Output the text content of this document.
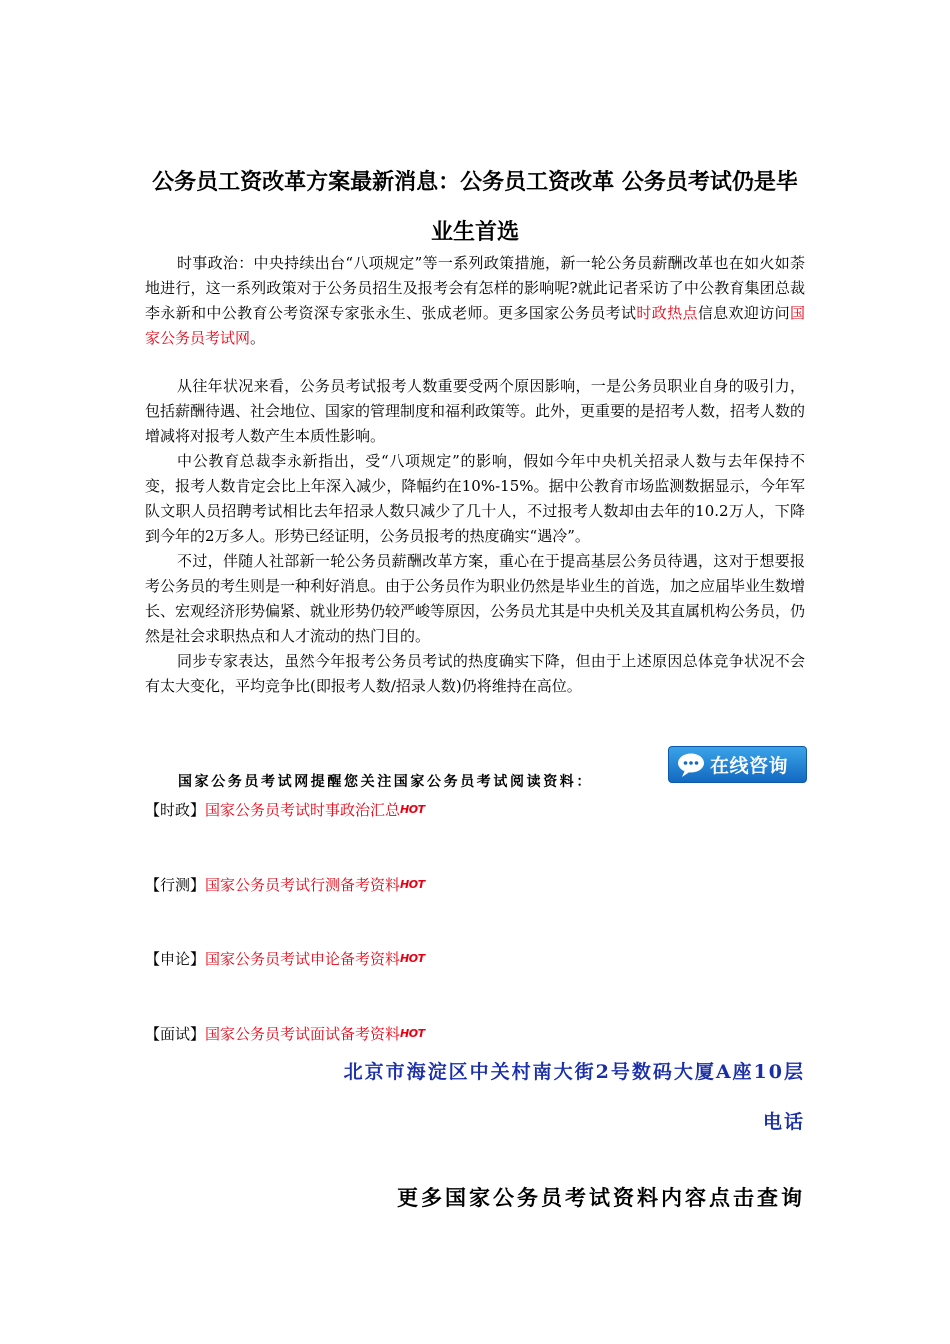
公务员工资改革方案最新消息：公务员工资改革 公务员考试仍是毕业生首选

时事政治：中央持续出台“八项规定”等一系列政策措施，新一轮公务员薪酬改革也在如火如荼地进行，这一系列政策对于公务员招生及报考会有怎样的影响呢?就此记者采访了中公教育集团总裁李永新和中公教育公考资深专家张永生、张成老师。更多国家公务员考试时政热点信息欢迎访问国家公务员考试网。

从往年状况来看，公务员考试报考人数重要受两个原因影响，一是公务员职业自身的吸引力，包括薪酬待遇、社会地位、国家的管理制度和福利政策等。此外，更重要的是招考人数，招考人数的增减将对报考人数产生本质性影响。

中公教育总裁李永新指出，受“八项规定”的影响，假如今年中央机关招录人数与去年保持不变，报考人数肯定会比上年深入减少，降幅约在10%-15%。据中公教育市场监测数据显示，今年军队文职人员招聘考试相比去年招录人数只减少了几十人，不过报考人数却由去年的10.2万人，下降到今年的2万多人。形势已经证明，公务员报考的热度确实“遇冷”。

不过，伴随人社部新一轮公务员薪酬改革方案，重心在于提高基层公务员待遇，这对于想要报考公务员的考生则是一种利好消息。由于公务员作为职业仍然是毕业生的首选，加之应届毕业生数增长、宏观经济形势偏紧、就业形势仍较严峻等原因，公务员尤其是中央机关及其直属机构公务员，仍然是社会求职热点和人才流动的热门目的。

同步专家表达，虽然今年报考公务员考试的热度确实下降，但由于上述原因总体竞争状况不会有太大变化，平均竞争比(即报考人数/招录人数)仍将维持在高位。

在线咨询

国家公务员考试网提醒您关注国家公务员考试阅读资料：

【时政】国家公务员考试时事政治汇总HOT
【行测】国家公务员考试行测备考资料HOT
【申论】国家公务员考试申论备考资料HOT
【面试】国家公务员考试面试备考资料HOT

北京市海淀区中关村南大街2号数码大厦A座10层

电话

更多国家公务员考试资料内容点击查询
